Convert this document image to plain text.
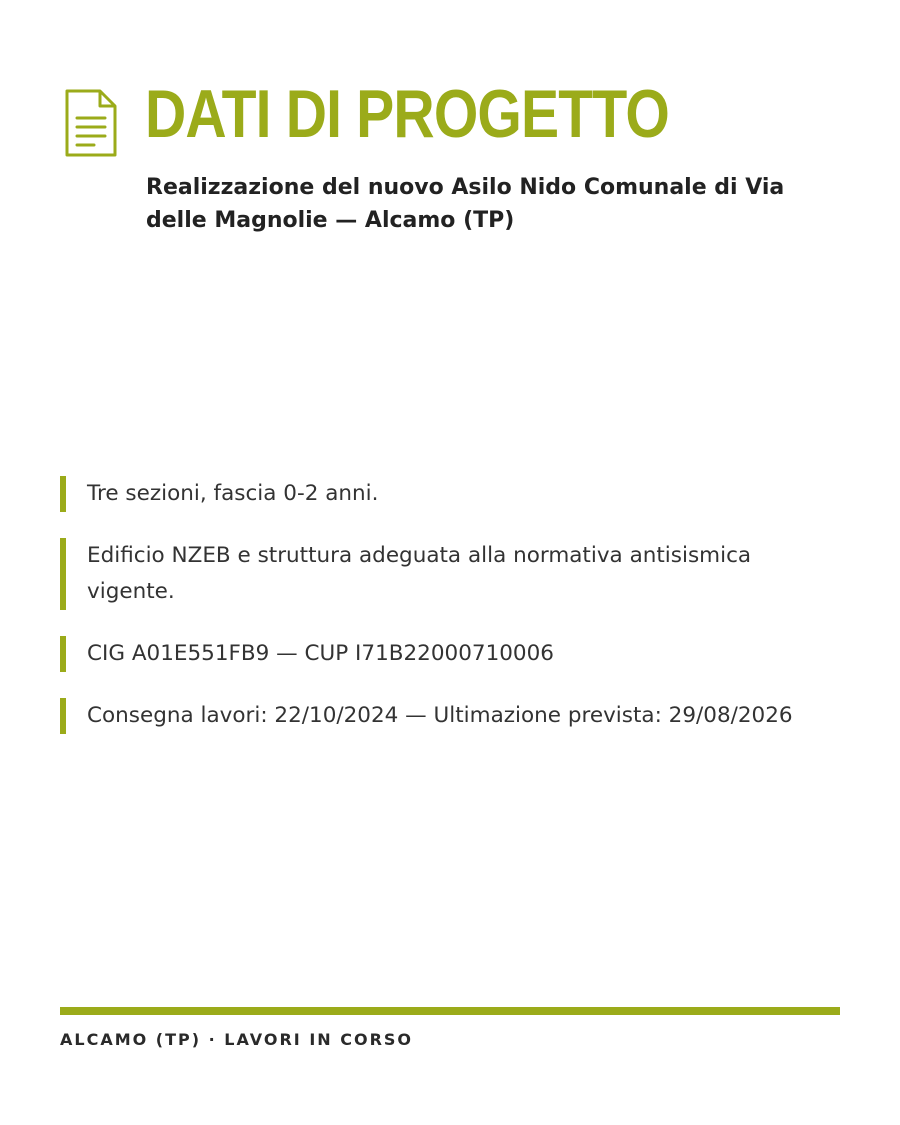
DATI DI PROGETTO

Realizzazione del nuovo Asilo Nido Comunale di Via delle Magnolie — Alcamo (TP)

Tre sezioni, fascia 0-2 anni.
Edificio NZEB e struttura adeguata alla normativa antisismica vigente.
CIG A01E551FB9 — CUP I71B22000710006
Consegna lavori: 22/10/2024 — Ultimazione prevista: 29/08/2026

ALCAMO (TP) · LAVORI IN CORSO
